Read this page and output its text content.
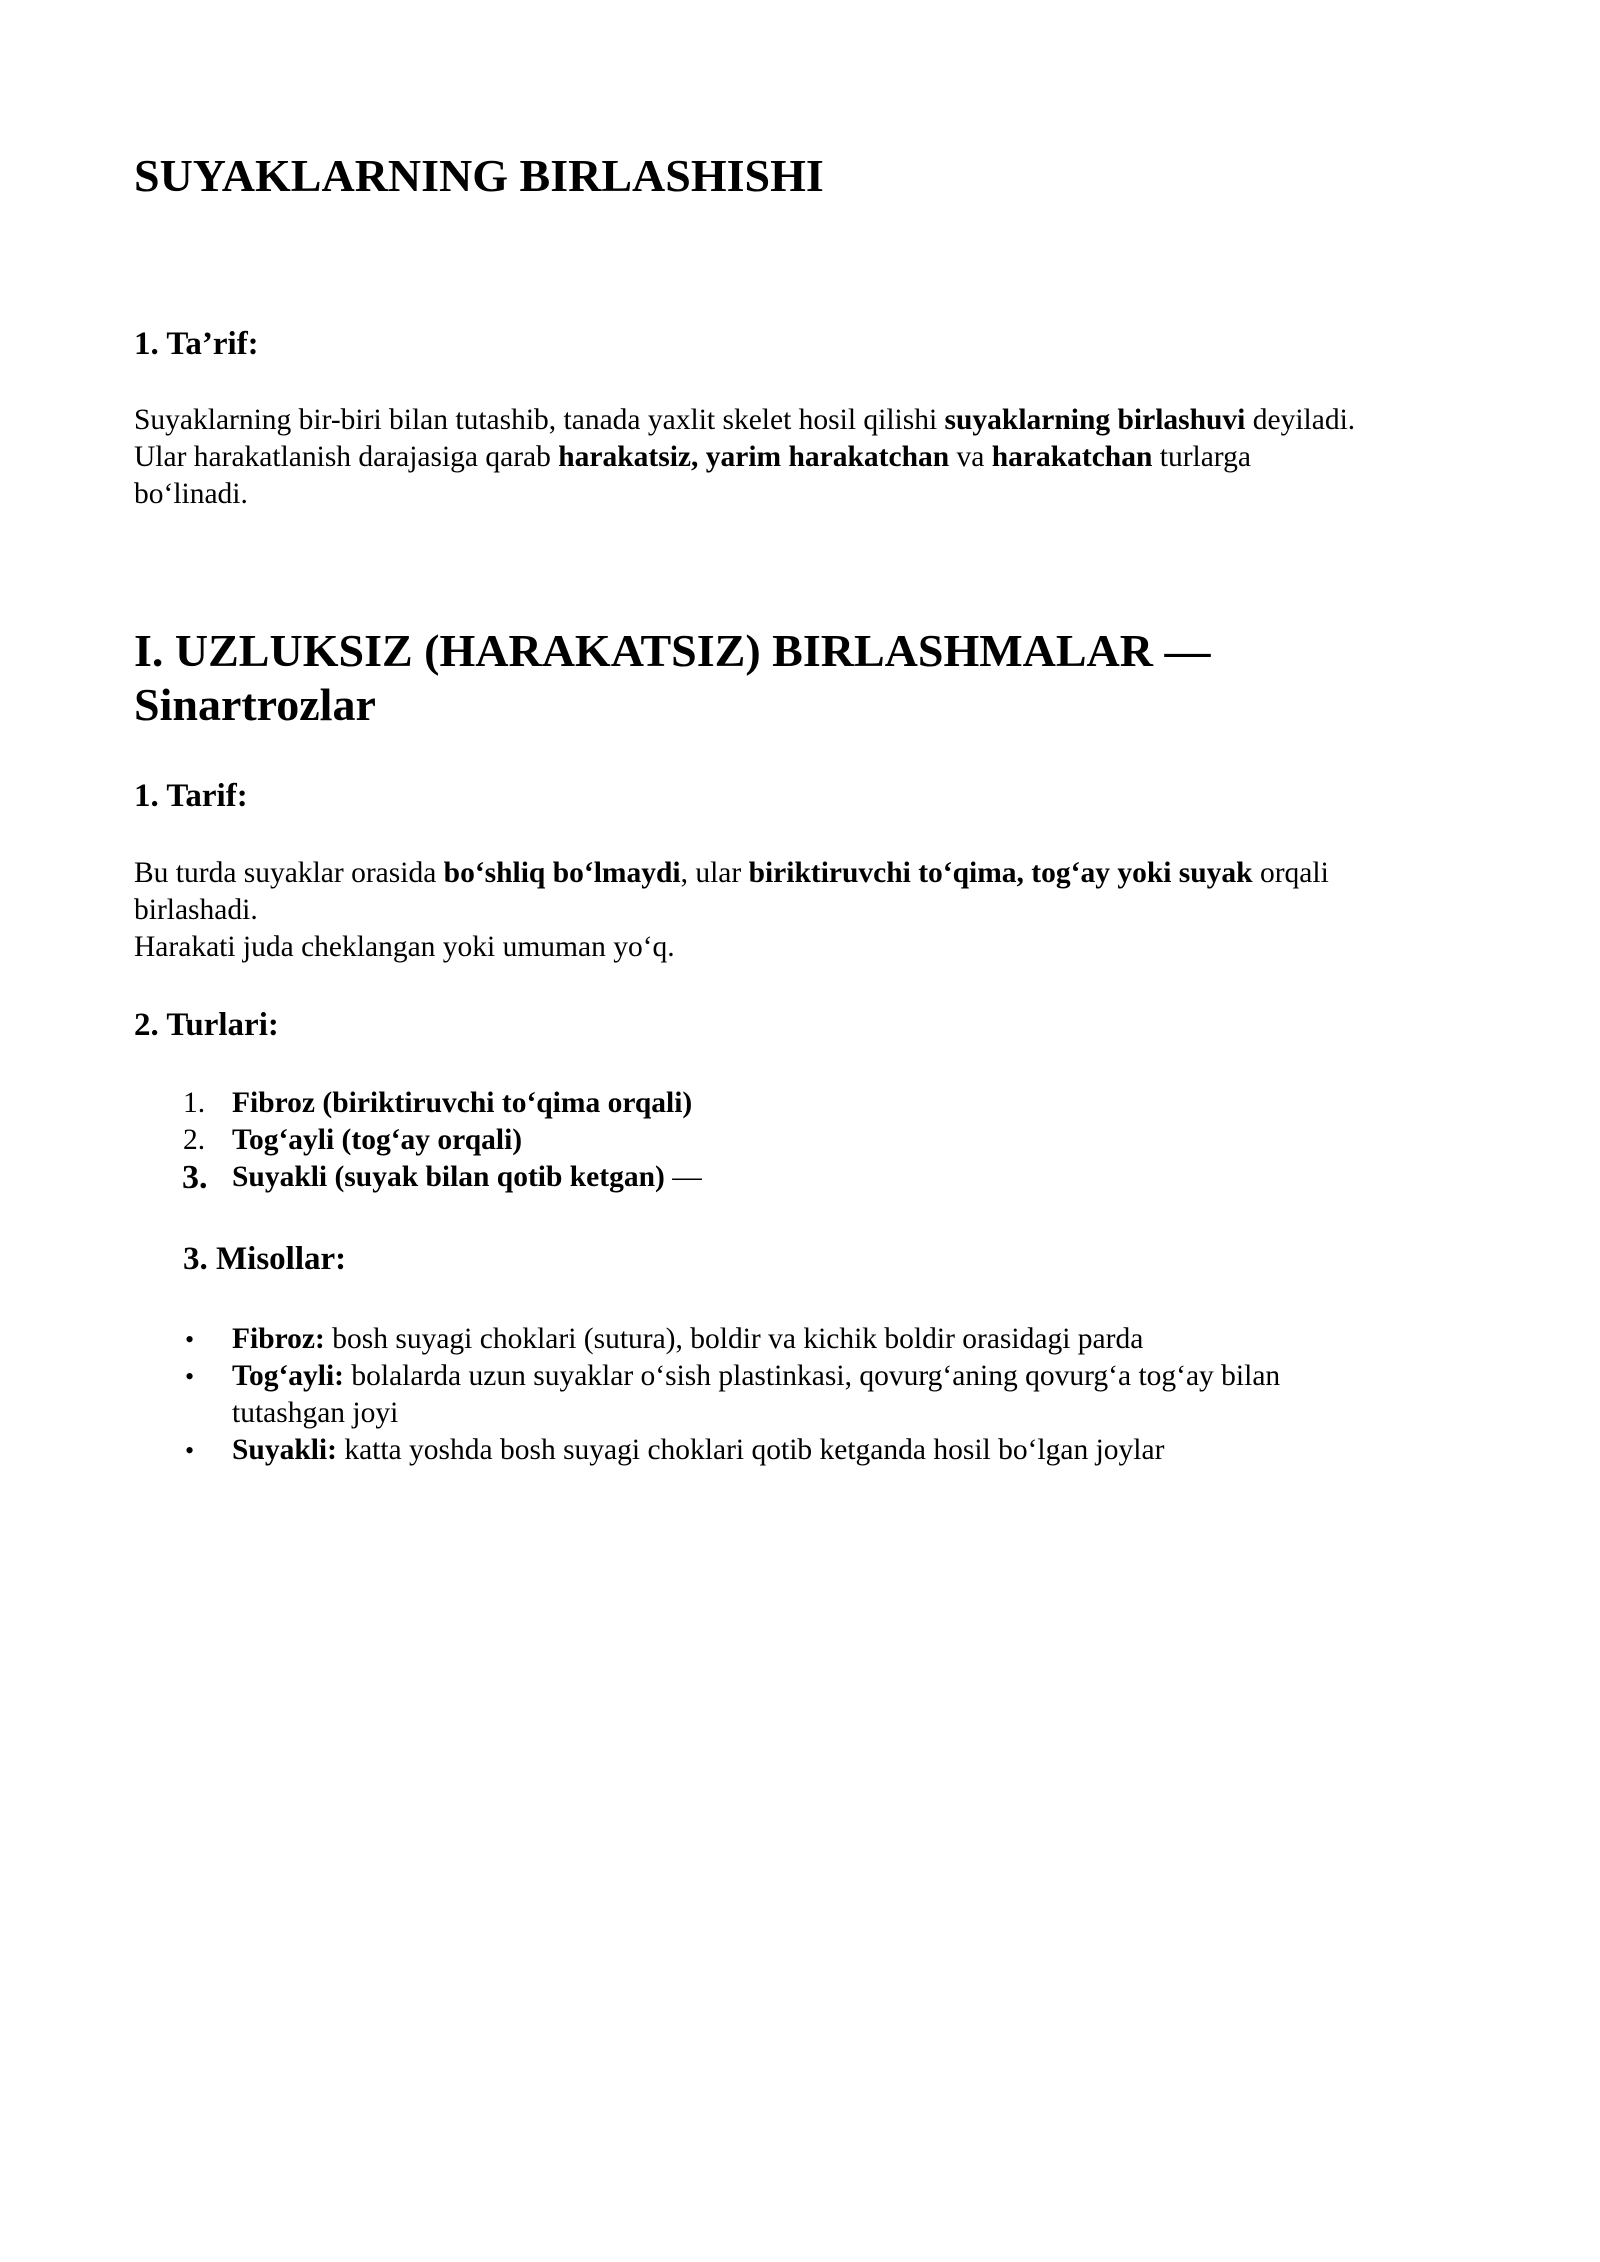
SUYAKLARNING BIRLASHISHI
1. Ta’rif:

Suyaklarning bir-biri bilan tutashib, tanada yaxlit skelet hosil qilishi suyaklarning birlashuvi deyiladi.
Ular harakatlanish darajasiga qarab harakatsiz, yarim harakatchan va harakatchan turlarga
bo‘linadi.

I. UZLUKSIZ (HARAKATSIZ) BIRLASHMALAR —
Sinartrozlar
1. Tarif:

Bu turda suyaklar orasida bo‘shliq bo‘lmaydi, ular biriktiruvchi to‘qima, tog‘ay yoki suyak orqali
birlashadi.
Harakati juda cheklangan yoki umuman yo‘q.

2. Turlari:
1. Fibroz (biriktiruvchi to‘qima orqali)
2. Tog‘ayli (tog‘ay orqali)
3. Suyakli (suyak bilan qotib ketgan) —
3. Misollar:
• Fibroz: bosh suyagi choklari (sutura), boldir va kichik boldir orasidagi parda
• Tog‘ayli: bolalarda uzun suyaklar o‘sish plastinkasi, qovurg‘aning qovurg‘a tog‘ay bilan
tutashgan joyi
• Suyakli: katta yoshda bosh suyagi choklari qotib ketganda hosil bo‘lgan joylar
